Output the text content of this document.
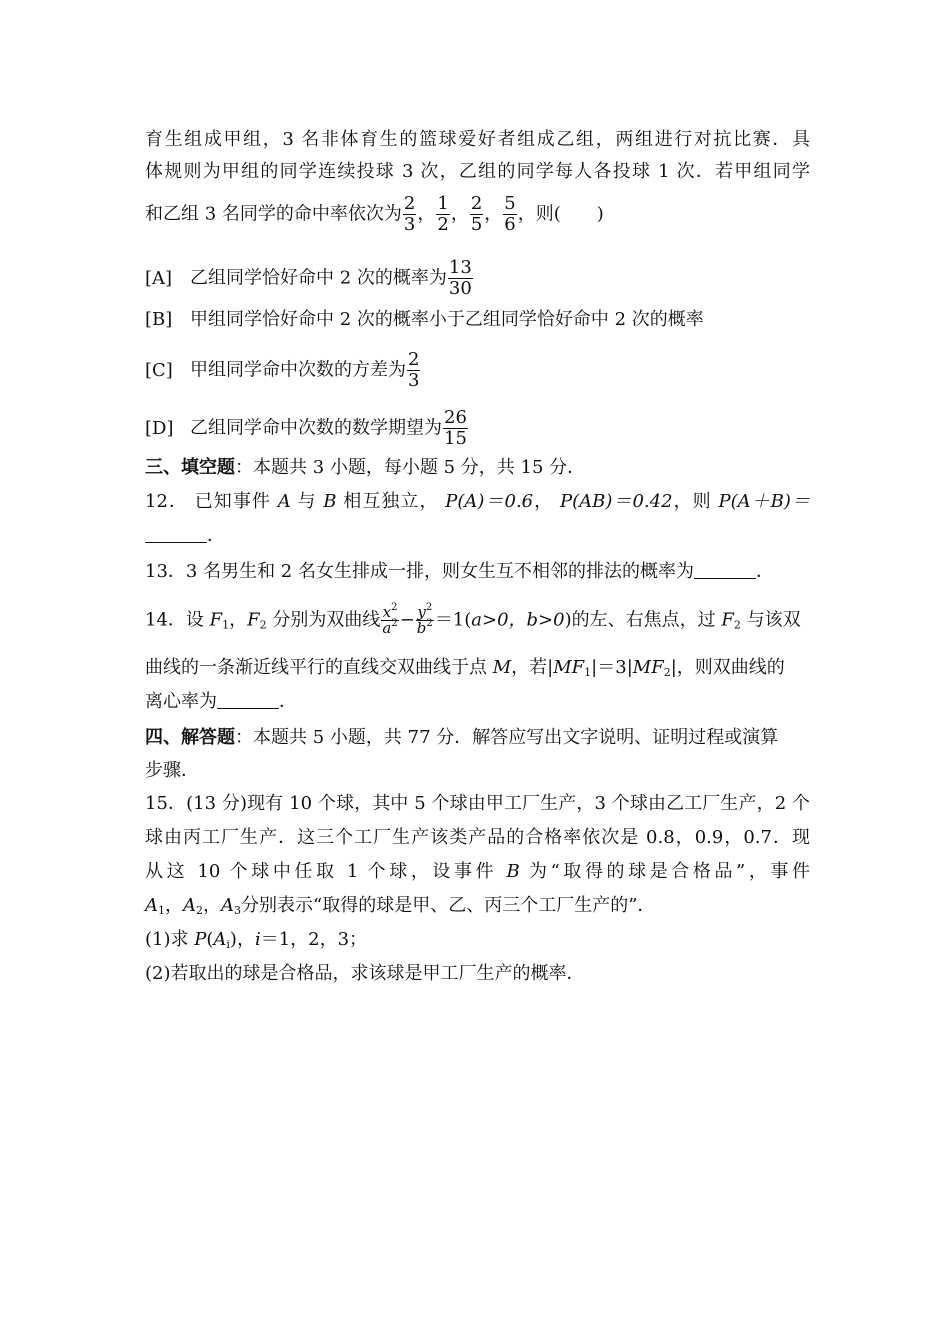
育生组成甲组，3 名非体育生的篮球爱好者组成乙组，两组进行对抗比赛．具
体规则为甲组的同学连续投球 3 次，乙组的同学每人各投球 1 次．若甲组同学
和乙组 3 名同学的命中率依次为 $\frac{2}{3}$ ， $\frac{1}{2}$ ， $\frac{2}{5}$ ， $\frac{5}{6}$ ，则(　　)
[A] 乙组同学恰好命中 2 次的概率为 $\frac{13}{30}$
[B] 甲组同学恰好命中 2 次的概率小于乙组同学恰好命中 2 次的概率
[C] 甲组同学命中次数的方差为 $\frac{2}{3}$
[D] 乙组同学命中次数的数学期望为 $\frac{26}{15}$
三、填空题：本题共 3 小题，每小题 5 分，共 15 分．
12． 已知事件 A 与 B 相互独立， P(A)＝0.6， P(AB)＝0.42，则 P(A＋B)＝
．
13．3 名男生和 2 名女生排成一排，则女生互不相邻的排法的概率为	．
14．设 $F_1$，$F_2$ 分别为双曲线 $\frac{x^2}{a^2} - \frac{y^2}{b^2} =1(a>0$，b>0)的左、右焦点，过 $F_2$ 与该双
曲线的一条渐近线平行的直线交双曲线于点 M，若$|MF_1|=3|MF_2|$，则双曲线的
离心率为	．
四、解答题：本题共 5 小题，共 77 分．解答应写出文字说明、证明过程或演算
步骤．
15．(13 分)现有 10 个球，其中 5 个球由甲工厂生产，3 个球由乙工厂生产，2 个
球由丙工厂生产．这三个工厂生产该类产品的合格率依次是 0.8，0.9，0.7．现
从这 10 个球中任取 1 个球，设事件 B 为“取得的球是合格品”，事件
$A_1$，$A_2$，$A_3$分别表示“取得的球是甲、乙、丙三个工厂生产的”．
(1)求 $P(A_i)$，i＝1，2，3；
(2)若取出的球是合格品，求该球是甲工厂生产的概率．
